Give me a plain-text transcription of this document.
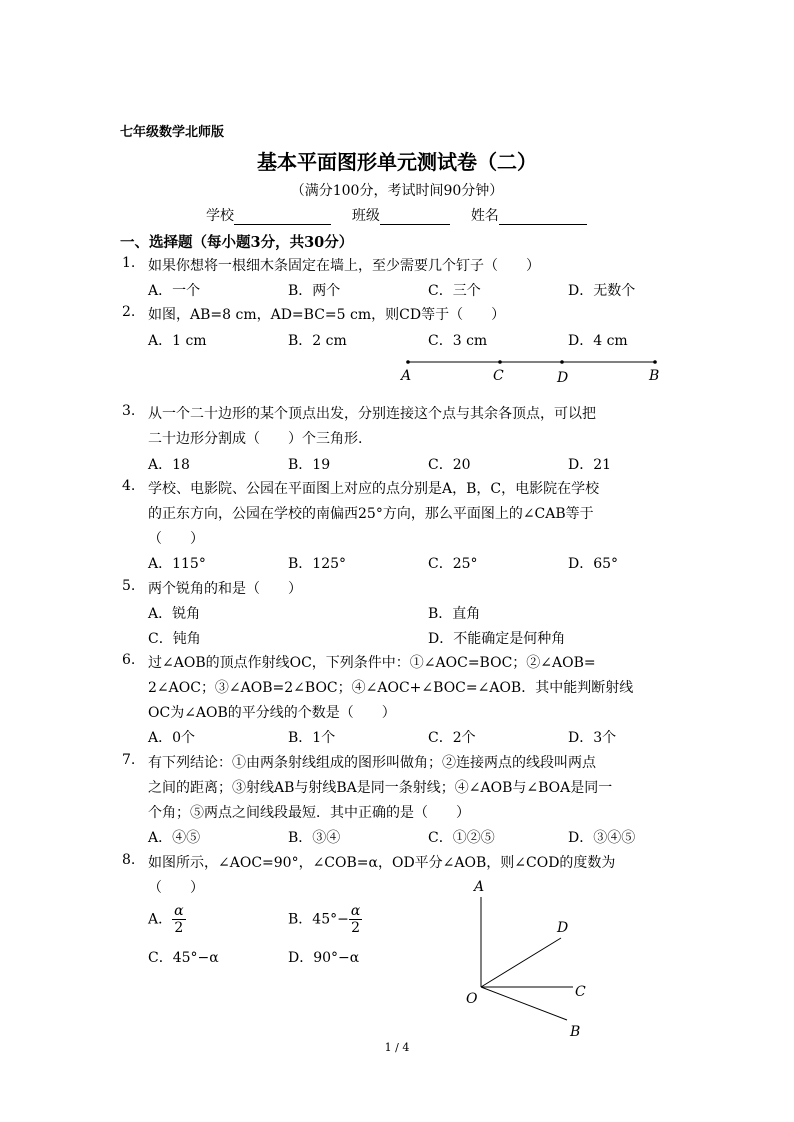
七年级数学北师版
基本平面图形单元测试卷（二）
（满分100分，考试时间90分钟）
学校	班级	姓名
一、选择题（每小题3分，共30分）
1. 如果你想将一根细木条固定在墙上，至少需要几个钉子（　　）
A．一个	B．两个	C．三个	D．无数个
2. 如图，AB=8 cm，AD=BC=5 cm，则CD等于（　　）
A．1 cm	B．2 cm	C．3 cm	D．4 cm
A	C	D	B
3. 从一个二十边形的某个顶点出发，分别连接这个点与其余各顶点，可以把
二十边形分割成（　　）个三角形.
A．18	B．19	C．20	D．21
4. 学校、电影院、公园在平面图上对应的点分别是A，B，C，电影院在学校
的正东方向，公园在学校的南偏西25°方向，那么平面图上的∠CAB等于
（　　）
A．115°	B．125°	C．25°	D．65°
5. 两个锐角的和是（　　）
A．锐角	B．直角
C．钝角	D．不能确定是何种角
6. 过∠AOB的顶点作射线OC，下列条件中：①∠AOC=BOC；②∠AOB=
2∠AOC；③∠AOB=2∠BOC；④∠AOC+∠BOC=∠AOB．其中能判断射线
OC为∠AOB的平分线的个数是（　　）
A．0个	B．1个	C．2个	D．3个
7. 有下列结论：①由两条射线组成的图形叫做角；②连接两点的线段叫两点
之间的距离；③射线AB与射线BA是同一条射线；④∠AOB与∠BOA是同一
个角；⑤两点之间线段最短．其中正确的是（　　）
A．④⑤	B．③④	C．①②⑤	D．③④⑤
8. 如图所示，∠AOC=90°，∠COB=α，OD平分∠AOB，则∠COD的度数为
（　　）
A． $\frac{\alpha}{2}$	B．$45^\circ- \frac{\alpha}{2}$
C．45°−α	D．90°−α
A
D
C
O
B
1 / 4
